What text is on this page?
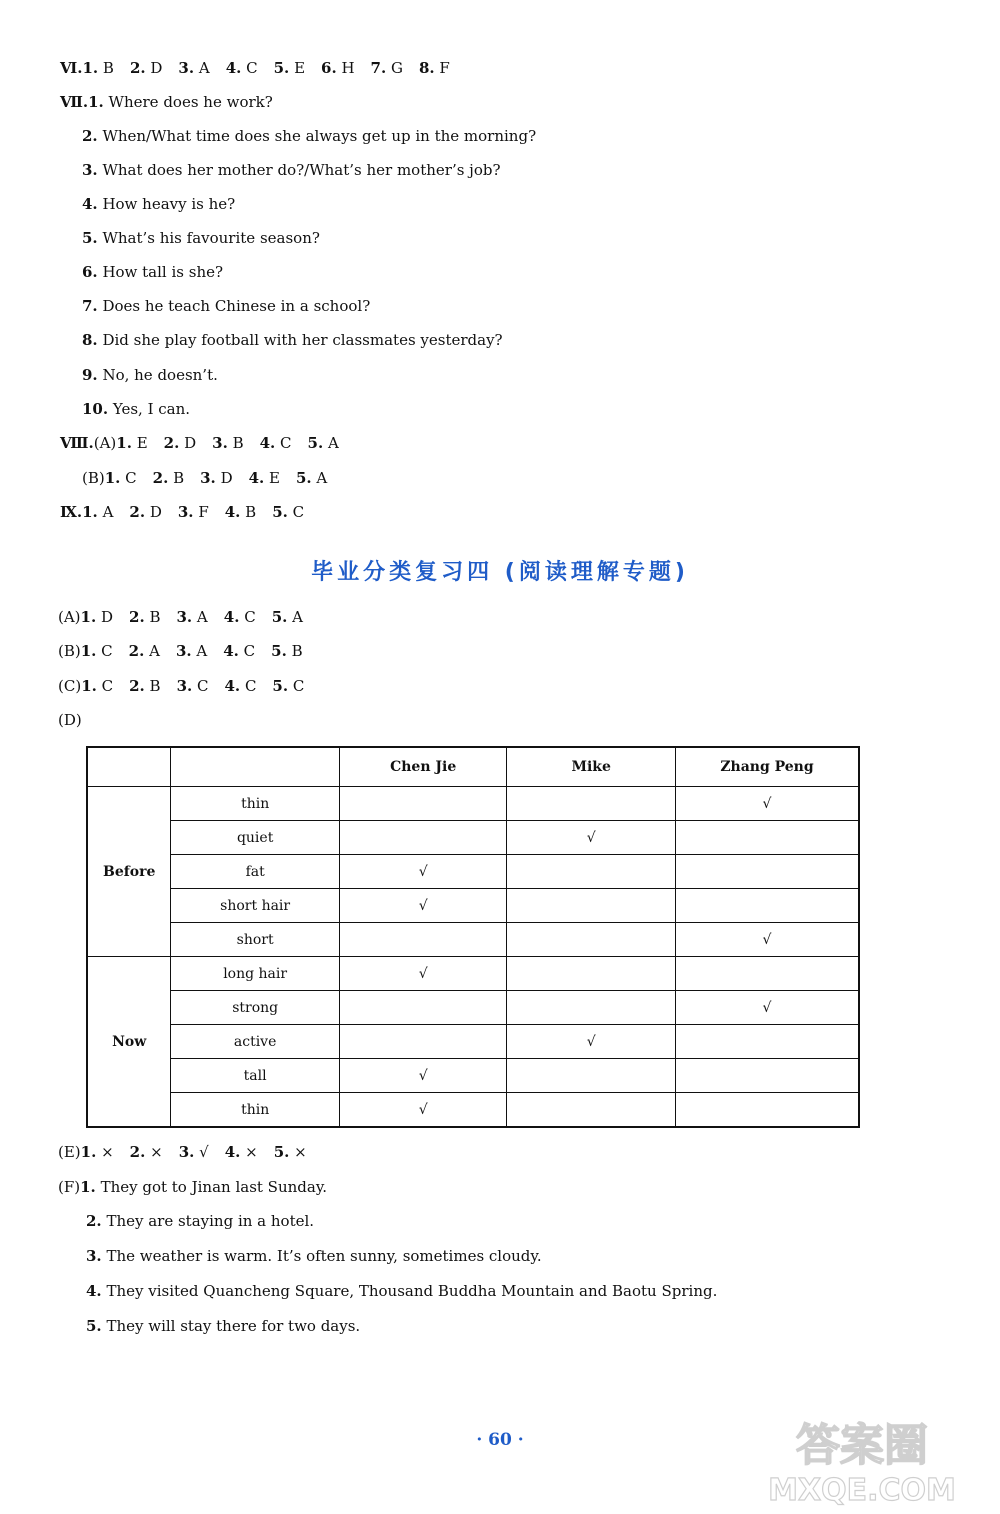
Ⅵ.1. B 2. D 3. A 4. C 5. E 6. H 7. G 8. F
Ⅶ.1. Where does he work?
2. When/What time does she always get up in the morning?
3. What does her mother do?/What’s her mother’s job?
4. How heavy is he?
5. What’s his favourite season?
6. How tall is she?
7. Does he teach Chinese in a school?
8. Did she play football with her classmates yesterday?
9. No, he doesn’t.
10. Yes, I can.
Ⅷ.(A)1. E 2. D 3. B 4. C 5. A
(B)1. C 2. B 3. D 4. E 5. A
Ⅸ.1. A 2. D 3. F 4. B 5. C
毕业分类复习四 (阅读理解专题)
(A)1. D 2. B 3. A 4. C 5. A
(B)1. C 2. A 3. A 4. C 5. B
(C)1. C 2. B 3. C 4. C 5. C
(D)
		Chen Jie	Mike	Zhang Peng
Before	thin			√
	quiet		√	
	fat	√		
	short hair	√		
	short			√
Now	long hair	√		
	strong			√
	active		√	
	tall	√		
	thin	√		
(E)1. × 2. × 3. √ 4. × 5. ×
(F)1. They got to Jinan last Sunday.
2. They are staying in a hotel.
3. The weather is warm. It’s often sunny, sometimes cloudy.
4. They visited Quancheng Square, Thousand Buddha Mountain and Baotu Spring.
5. They will stay there for two days.
· 60 ·	答案圈
MXQE.COM
